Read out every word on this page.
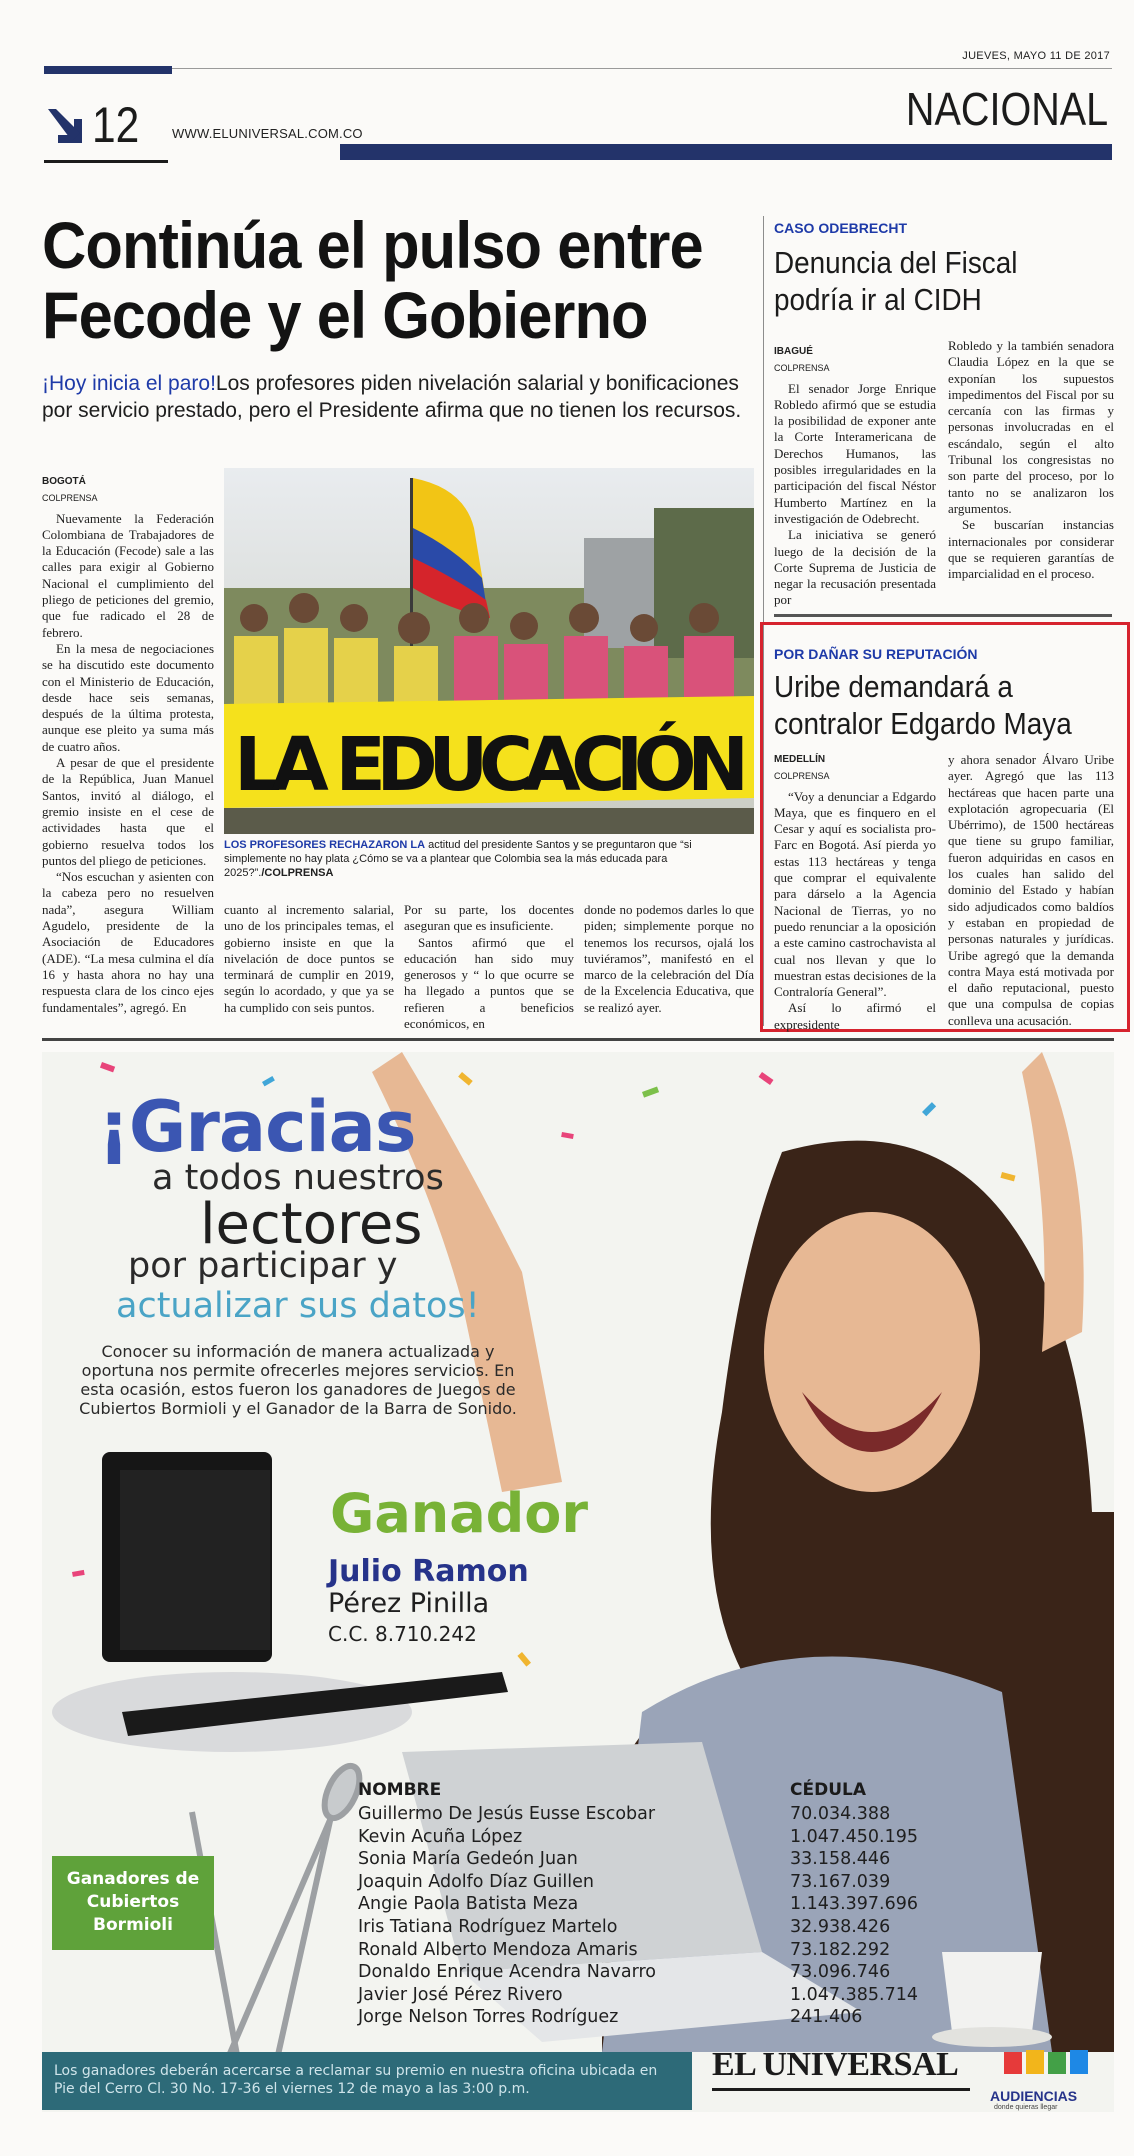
JUEVES, MAYO 11 DE 2017
NACIONAL
12	WWW.ELUNIVERSAL.COM.CO
Continúa el pulso entre Fecode y el Gobierno
¡Hoy inicia el paro!Los profesores piden nivelación salarial y bonificaciones por servicio prestado, pero el Presidente afirma que no tienen los recursos.
BOGOTÁ
COLPRENSA

Nuevamente la Federación Colombiana de Trabajadores de la Educación (Fecode) sale a las calles para exigir al Gobierno Nacional el cumplimiento del pliego de peticiones del gremio, que fue radicado el 28 de febrero.

En la mesa de negociaciones se ha discutido este documento con el Ministerio de Educación, desde hace seis semanas, después de la última protesta, aunque ese pleito ya suma más de cuatro años.

A pesar de que el presidente de la República, Juan Manuel Santos, invitó al diálogo, el gremio insiste en el cese de actividades hasta que el gobierno resuelva todos los puntos del pliego de peticiones.

“Nos escuchan y asienten con la cabeza pero no resuelven nada”, asegura William Agudelo, presidente de la Asociación de Educadores (ADE). “La mesa culmina el día 16 y hasta ahora no hay una respuesta clara de los cinco ejes fundamentales”, agregó. En

LA EDUCACIÓN
LOS PROFESORES RECHAZARON LA actitud del presidente Santos y se preguntaron que “si simplemente no hay plata ¿Cómo se va a plantear que Colombia sea la más educada para 2025?”./COLPRENSA

cuanto al incremento salarial, uno de los principales temas, el gobierno insiste en que la nivelación de doce puntos se terminará de cumplir en 2019, según lo acordado, y que ya se ha cumplido con seis puntos.

Por su parte, los docentes aseguran que es insuficiente.

Santos afirmó que el educación han sido muy generosos y “ lo que ocurre se ha llegado a puntos que se refieren a beneficios económicos, en

donde no podemos darles lo que piden; simplemente porque no tenemos los recursos, ojalá los tuviéramos”, manifestó en el marco de la celebración del Día de la Excelencia Educativa, que se realizó ayer.

CASO ODEBRECHT
Denuncia del Fiscal podría ir al CIDH
IBAGUÉ
COLPRENSA

El senador Jorge Enrique Robledo afirmó que se estudia la posibilidad de exponer ante la Corte Interamericana de Derechos Humanos, las posibles irregularidades en la participación del fiscal Néstor Humberto Martínez en la investigación de Odebrecht.

La iniciativa se generó luego de la decisión de la Corte Suprema de Justicia de negar la recusación presentada por

Robledo y la también senadora Claudia López en la que se exponían los supuestos impedimentos del Fiscal por su cercanía con las firmas y personas involucradas en el escándalo, según el alto Tribunal los congresistas no son parte del proceso, por lo tanto no se analizaron los argumentos.

Se buscarían instancias internacionales por considerar que se requieren garantías de imparcialidad en el proceso.

POR DAÑAR SU REPUTACIÓN
Uribe demandará a contralor Edgardo Maya
MEDELLÍN
COLPRENSA

“Voy a denunciar a Edgardo Maya, que es finquero en el Cesar y aquí es socialista pro-Farc en Bogotá. Así pierda yo estas 113 hectáreas y tenga que comprar el equivalente para dárselo a la Agencia Nacional de Tierras, yo no puedo renunciar a la oposición a este camino castrochavista al cual nos llevan y que lo muestran estas decisiones de la Contraloría General”.

Así lo afirmó el expresidente

y ahora senador Álvaro Uribe ayer. Agregó que las 113 hectáreas que hacen parte una explotación agropecuaria (El Ubérrimo), de 1500 hectáreas que tiene su grupo familiar, fueron adquiridas en casos en los cuales han salido del dominio del Estado y habían sido adjudicados como baldíos y estaban en propiedad de personas naturales y jurídicas. Uribe agregó que la demanda contra Maya está motivada por el daño reputacional, puesto que una compulsa de copias conlleva una acusación.

¡Gracias
a todos nuestros
lectores
por participar y
actualizar sus datos!
Conocer su información de manera actualizada y oportuna nos permite ofrecerles mejores servicios. En esta ocasión, estos fueron los ganadores de Juegos de Cubiertos Bormioli y el Ganador de la Barra de Sonido.
Ganador
Julio Ramon
Pérez Pinilla
C.C. 8.710.242
Ganadores de Cubiertos Bormioli
NOMBRE	CÉDULA
Guillermo De Jesús Eusse Escobar	70.034.388
Kevin Acuña López	1.047.450.195
Sonia María Gedeón Juan	33.158.446
Joaquin Adolfo Díaz Guillen	73.167.039
Angie Paola Batista Meza	1.143.397.696
Iris Tatiana Rodríguez Martelo	32.938.426
Ronald Alberto Mendoza Amaris	73.182.292
Donaldo Enrique Acendra Navarro	73.096.746
Javier José Pérez Rivero	1.047.385.714
Jorge Nelson Torres Rodríguez	241.406
Los ganadores deberán acercarse a reclamar su premio en nuestra oficina ubicada en Pie del Cerro Cl. 30 No. 17-36 el viernes 12 de mayo a las 3:00 p.m.
EL UNIVERSAL
AUDIENCIAS
donde quieras llegar
